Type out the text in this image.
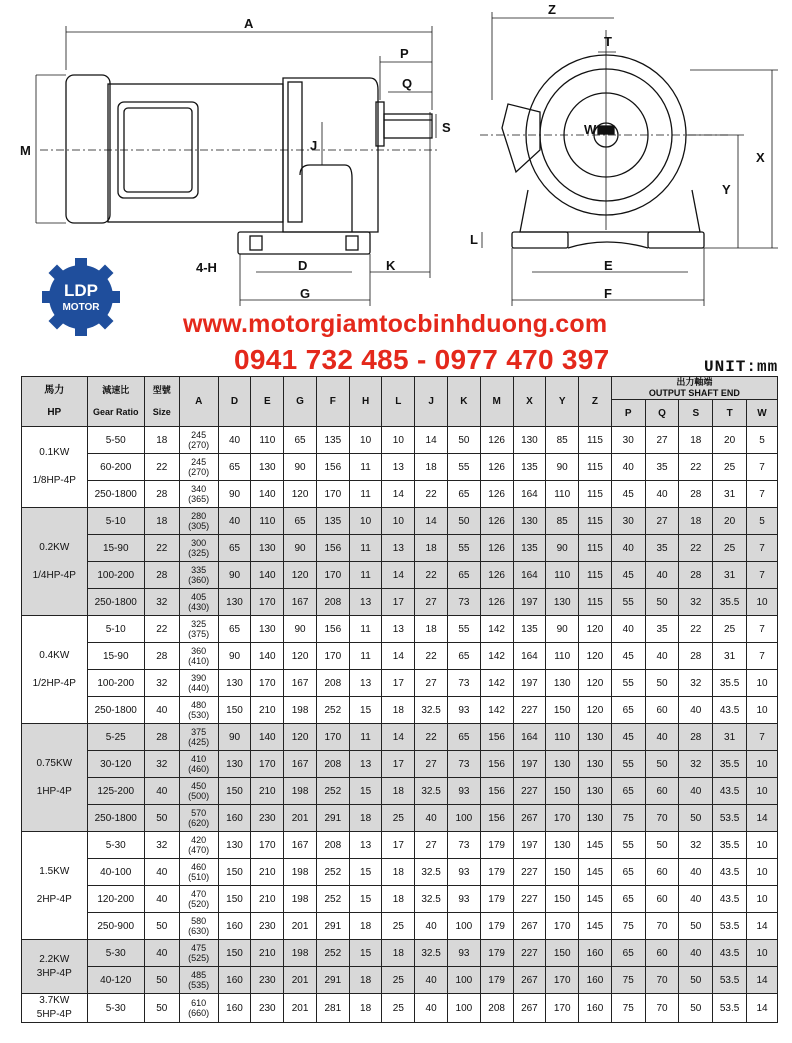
A
P
Q
M	J
S
4-H	D	K
G
Z
T
W
X
Y
L
E
F
LDP
MOTOR
www.motorgiamtocbinhduong.com
0941 732 485 - 0977 470 397	UNIT:mm
馬力

HP	減速比

Gear Ratio	型號

Size	A	D	E	G	F	H	L	J	K	M	X	Y	Z	出力軸端
OUTPUT SHAFT END				
																P	Q	S	T	W
0.1KW

1/8HP-4P	5-50	18	245
(270)	40	110	65	135	10	10	14	50	126	130	85	115	30	27	18	20	5
	60-200	22	245
(270)	65	130	90	156	11	13	18	55	126	135	90	115	40	35	22	25	7
	250-1800	28	340
(365)	90	140	120	170	11	14	22	65	126	164	110	115	45	40	28	31	7
0.2KW

1/4HP-4P	5-10	18	280
(305)	40	110	65	135	10	10	14	50	126	130	85	115	30	27	18	20	5
	15-90	22	300
(325)	65	130	90	156	11	13	18	55	126	135	90	115	40	35	22	25	7
	100-200	28	335
(360)	90	140	120	170	11	14	22	65	126	164	110	115	45	40	28	31	7
	250-1800	32	405
(430)	130	170	167	208	13	17	27	73	126	197	130	115	55	50	32	35.5	10
0.4KW

1/2HP-4P	5-10	22	325
(375)	65	130	90	156	11	13	18	55	142	135	90	120	40	35	22	25	7
	15-90	28	360
(410)	90	140	120	170	11	14	22	65	142	164	110	120	45	40	28	31	7
	100-200	32	390
(440)	130	170	167	208	13	17	27	73	142	197	130	120	55	50	32	35.5	10
	250-1800	40	480
(530)	150	210	198	252	15	18	32.5	93	142	227	150	120	65	60	40	43.5	10
0.75KW

1HP-4P	5-25	28	375
(425)	90	140	120	170	11	14	22	65	156	164	110	130	45	40	28	31	7
	30-120	32	410
(460)	130	170	167	208	13	17	27	73	156	197	130	130	55	50	32	35.5	10
	125-200	40	450
(500)	150	210	198	252	15	18	32.5	93	156	227	150	130	65	60	40	43.5	10
	250-1800	50	570
(620)	160	230	201	291	18	25	40	100	156	267	170	130	75	70	50	53.5	14
1.5KW

2HP-4P	5-30	32	420
(470)	130	170	167	208	13	17	27	73	179	197	130	145	55	50	32	35.5	10
	40-100	40	460
(510)	150	210	198	252	15	18	32.5	93	179	227	150	145	65	60	40	43.5	10
	120-200	40	470
(520)	150	210	198	252	15	18	32.5	93	179	227	150	145	65	60	40	43.5	10
	250-900	50	580
(630)	160	230	201	291	18	25	40	100	179	267	170	145	75	70	50	53.5	14
2.2KW
3HP-4P	5-30	40	475
(525)	150	210	198	252	15	18	32.5	93	179	227	150	160	65	60	40	43.5	10
	40-120	50	485
(535)	160	230	201	291	18	25	40	100	179	267	170	160	75	70	50	53.5	14
3.7KW
5HP-4P	5-30	50	610
(660)	160	230	201	281	18	25	40	100	208	267	170	160	75	70	50	53.5	14
